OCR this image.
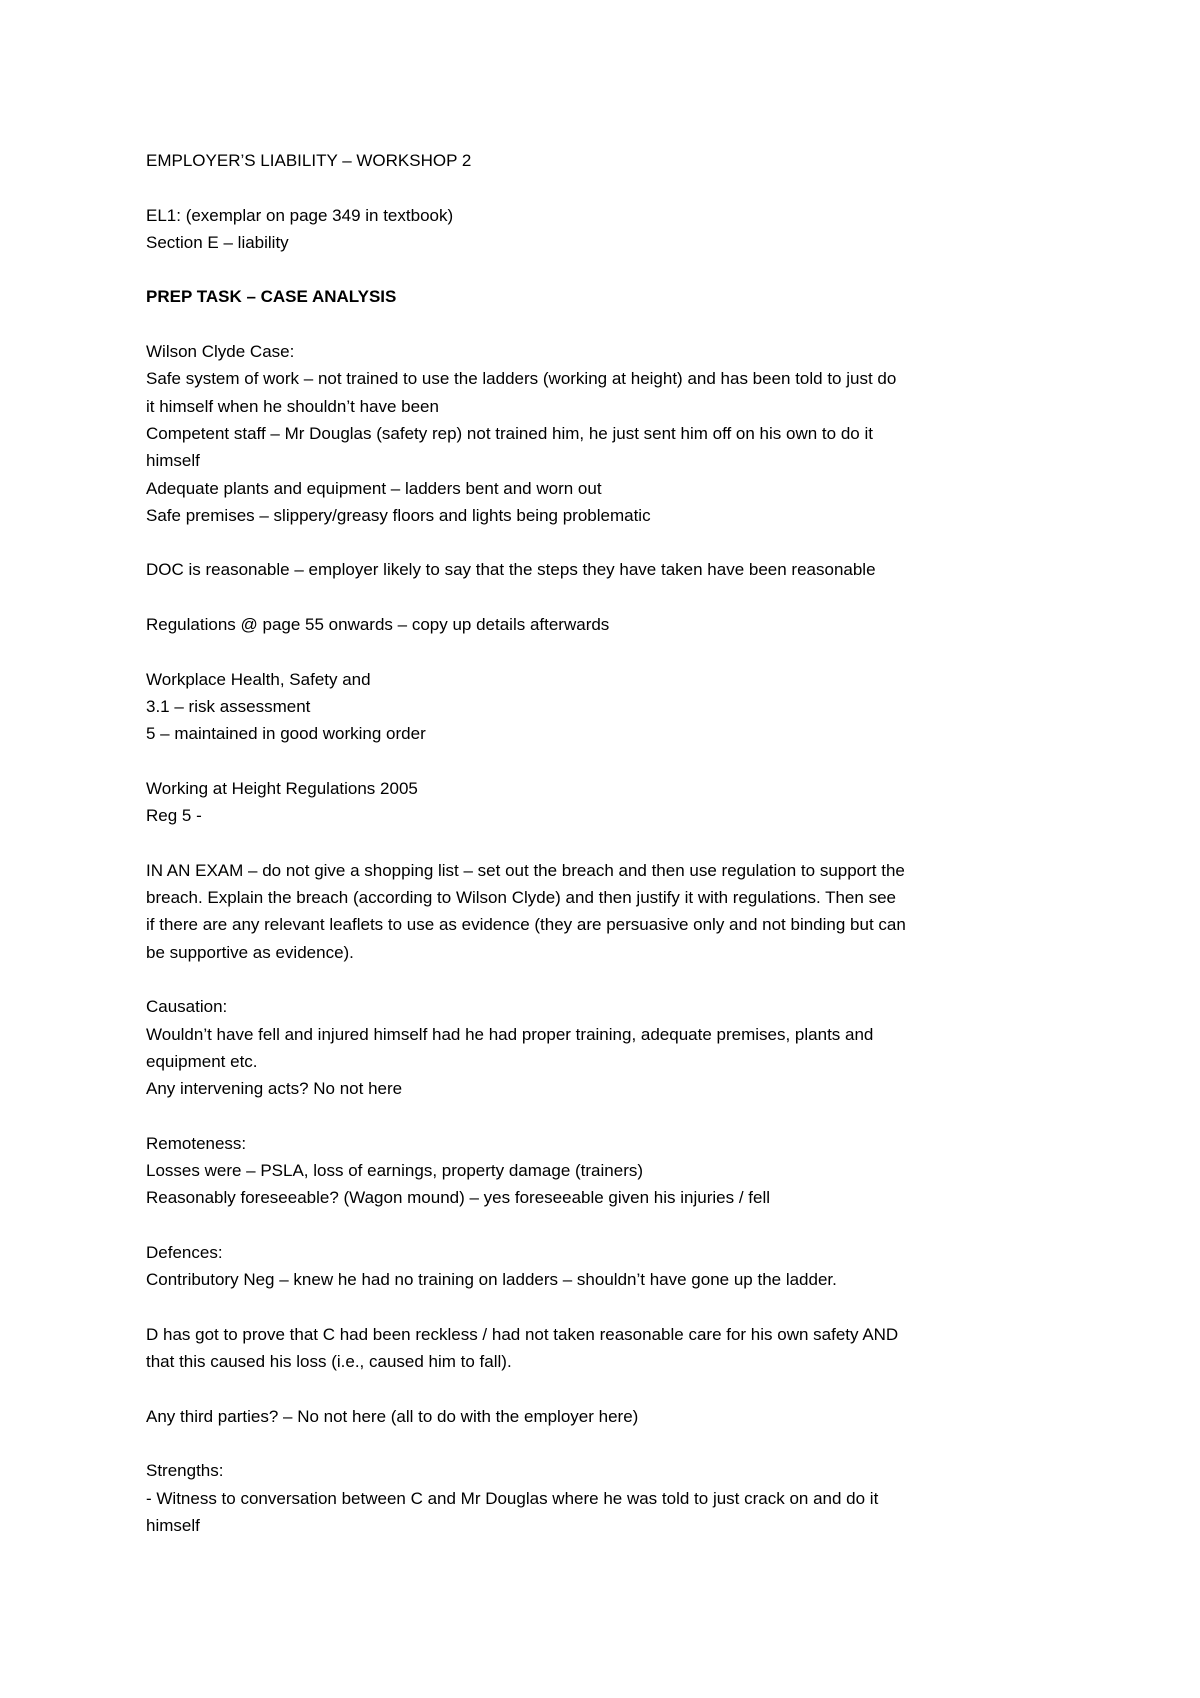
EMPLOYER’S LIABILITY – WORKSHOP 2
EL1: (exemplar on page 349 in textbook)
Section E – liability
PREP TASK – CASE ANALYSIS
Wilson Clyde Case:
Safe system of work – not trained to use the ladders (working at height) and has been told to just do
it himself when he shouldn’t have been
Competent staff – Mr Douglas (safety rep) not trained him, he just sent him off on his own to do it
himself
Adequate plants and equipment – ladders bent and worn out
Safe premises – slippery/greasy floors and lights being problematic
DOC is reasonable – employer likely to say that the steps they have taken have been reasonable
Regulations @ page 55 onwards – copy up details afterwards
Workplace Health, Safety and
3.1 – risk assessment
5 – maintained in good working order
Working at Height Regulations 2005
Reg 5 -
IN AN EXAM – do not give a shopping list – set out the breach and then use regulation to support the
breach. Explain the breach (according to Wilson Clyde) and then justify it with regulations. Then see
if there are any relevant leaflets to use as evidence (they are persuasive only and not binding but can
be supportive as evidence).
Causation:
Wouldn’t have fell and injured himself had he had proper training, adequate premises, plants and
equipment etc.
Any intervening acts? No not here
Remoteness:
Losses were – PSLA, loss of earnings, property damage (trainers)
Reasonably foreseeable? (Wagon mound) – yes foreseeable given his injuries / fell
Defences:
Contributory Neg – knew he had no training on ladders – shouldn’t have gone up the ladder.
D has got to prove that C had been reckless / had not taken reasonable care for his own safety AND
that this caused his loss (i.e., caused him to fall).
Any third parties? – No not here (all to do with the employer here)
Strengths:
- Witness to conversation between C and Mr Douglas where he was told to just crack on and do it
himself
